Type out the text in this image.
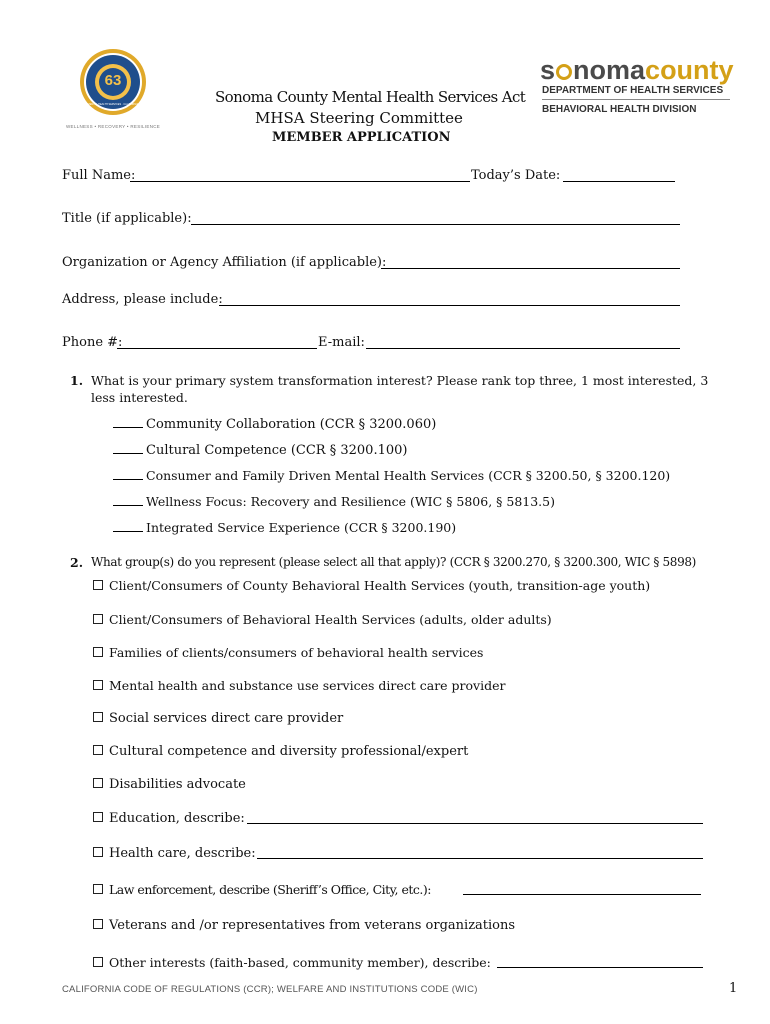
63
MENTAL HEALTH SERVICES · CALIFORNIA
WELLNESS • RECOVERY • RESILIENCE
Sonoma County Mental Health Services Act
MHSA Steering Committee
MEMBER APPLICATION
s nomacounty
DEPARTMENT OF HEALTH SERVICES
BEHAVIORAL HEALTH DIVISION
Full Name:	Today’s Date:
Title (if applicable):
Organization or Agency Affiliation (if applicable):
Address, please include:
Phone #:	E-mail:
1. What is your primary system transformation interest? Please rank top three, 1 most interested, 3
less interested.
Community Collaboration (CCR § 3200.060)
Cultural Competence (CCR § 3200.100)
Consumer and Family Driven Mental Health Services (CCR § 3200.50, § 3200.120)
Wellness Focus: Recovery and Resilience (WIC § 5806, § 5813.5)
Integrated Service Experience (CCR § 3200.190)
2. What group(s) do you represent (please select all that apply)? (CCR § 3200.270, § 3200.300, WIC § 5898)
Client/Consumers of County Behavioral Health Services (youth, transition-age youth)
Client/Consumers of Behavioral Health Services (adults, older adults)
Families of clients/consumers of behavioral health services
Mental health and substance use services direct care provider
Social services direct care provider
Cultural competence and diversity professional/expert
Disabilities advocate
Education, describe:
Health care, describe:
Law enforcement, describe (Sheriff’s Office, City, etc.):
Veterans and /or representatives from veterans organizations
Other interests (faith-based, community member), describe:
CALIFORNIA CODE OF REGULATIONS (CCR); WELFARE AND INSTITUTIONS CODE (WIC)	1
